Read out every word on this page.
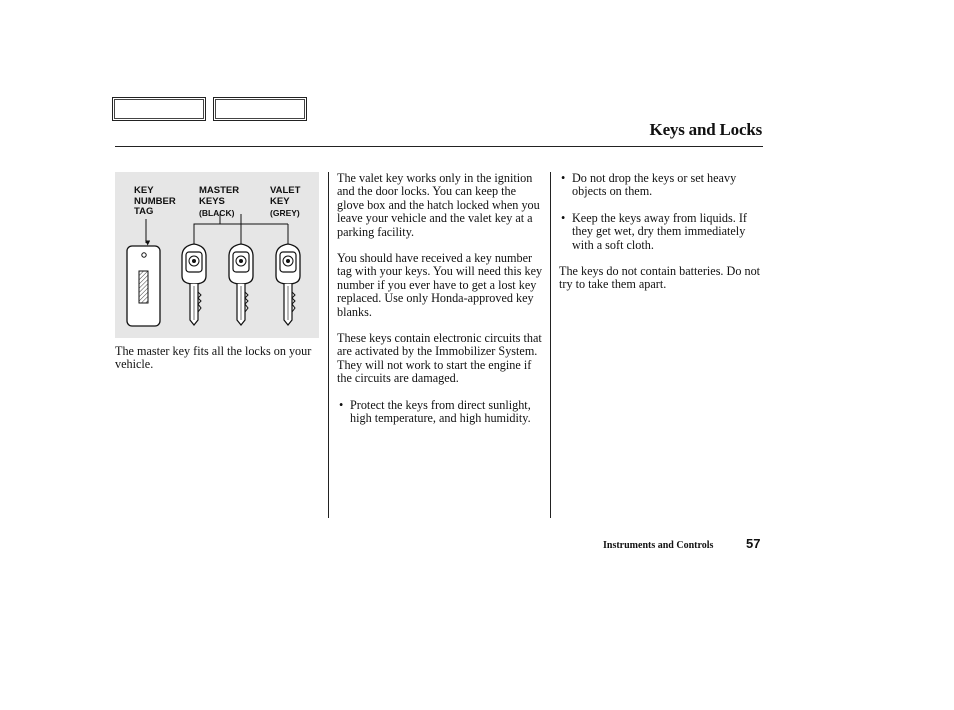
Keys and Locks
KEY
NUMBER
TAG
MASTER
KEYS
(BLACK)
VALET
KEY
(GREY)
The master key fits all the locks on your vehicle.

The valet key works only in the ignition and the door locks. You can keep the glove box and the hatch locked when you leave your vehicle and the valet key at a parking facility.

You should have received a key number tag with your keys. You will need this key number if you ever have to get a lost key replaced. Use only Honda-approved key blanks.

These keys contain electronic circuits that are activated by the Immobilizer System. They will not work to start the engine if the circuits are damaged.

• Protect the keys from direct sunlight, high temperature, and high humidity.
• Do not drop the keys or set heavy objects on them.
• Keep the keys away from liquids. If they get wet, dry them immediately with a soft cloth.

The keys do not contain batteries. Do not try to take them apart.

Instruments and Controls	57
